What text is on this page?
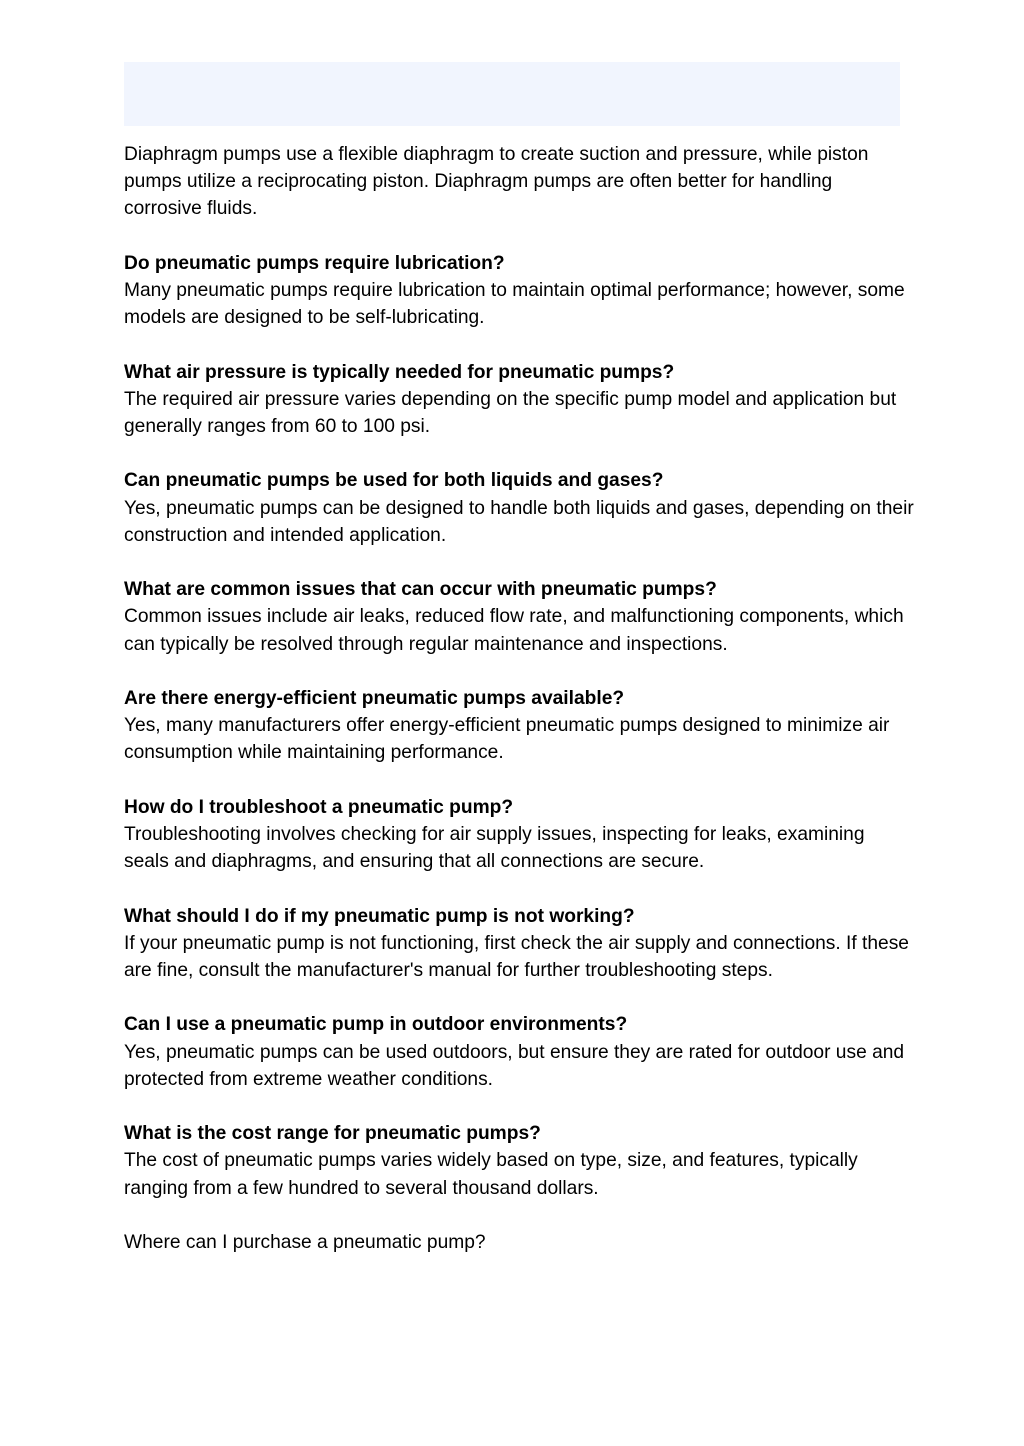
Diaphragm pumps use a flexible diaphragm to create suction and pressure, while piston pumps utilize a reciprocating piston. Diaphragm pumps are often better for handling corrosive fluids.
Do pneumatic pumps require lubrication?
Many pneumatic pumps require lubrication to maintain optimal performance; however, some models are designed to be self-lubricating.
What air pressure is typically needed for pneumatic pumps?
The required air pressure varies depending on the specific pump model and application but generally ranges from 60 to 100 psi.
Can pneumatic pumps be used for both liquids and gases?
Yes, pneumatic pumps can be designed to handle both liquids and gases, depending on their construction and intended application.
What are common issues that can occur with pneumatic pumps?
Common issues include air leaks, reduced flow rate, and malfunctioning components, which can typically be resolved through regular maintenance and inspections.
Are there energy-efficient pneumatic pumps available?
Yes, many manufacturers offer energy-efficient pneumatic pumps designed to minimize air consumption while maintaining performance.
How do I troubleshoot a pneumatic pump?
Troubleshooting involves checking for air supply issues, inspecting for leaks, examining seals and diaphragms, and ensuring that all connections are secure.
What should I do if my pneumatic pump is not working?
If your pneumatic pump is not functioning, first check the air supply and connections. If these are fine, consult the manufacturer's manual for further troubleshooting steps.
Can I use a pneumatic pump in outdoor environments?
Yes, pneumatic pumps can be used outdoors, but ensure they are rated for outdoor use and protected from extreme weather conditions.
What is the cost range for pneumatic pumps?
The cost of pneumatic pumps varies widely based on type, size, and features, typically ranging from a few hundred to several thousand dollars.
Where can I purchase a pneumatic pump?
